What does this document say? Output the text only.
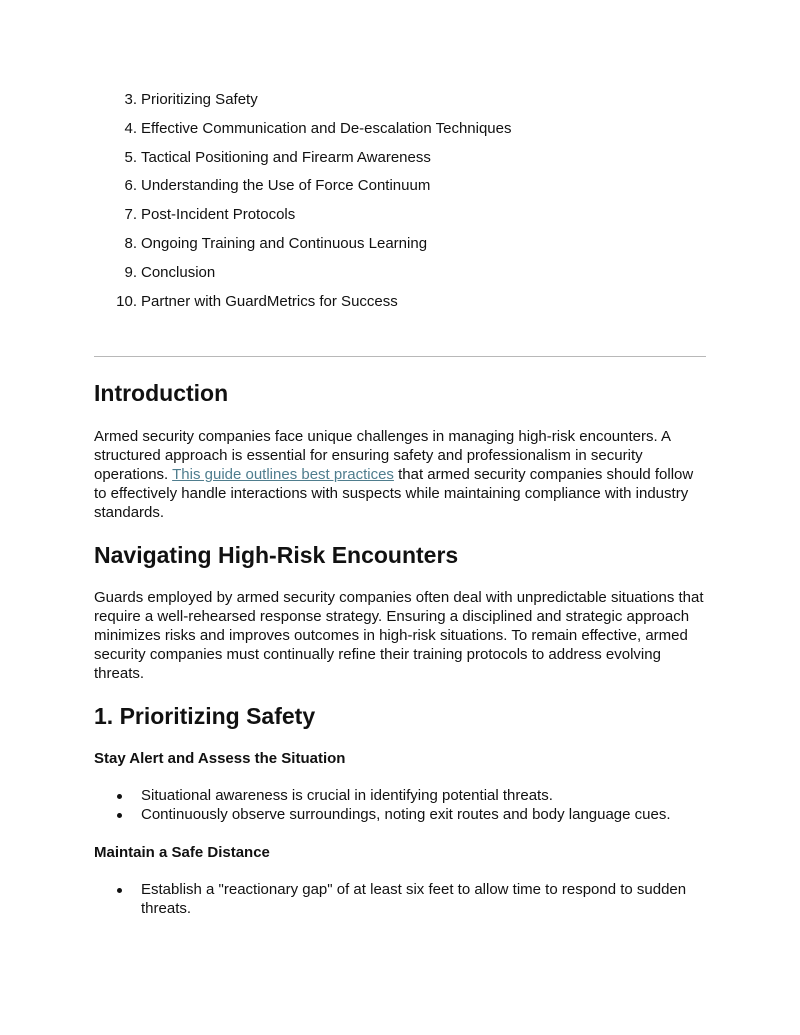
3. Prioritizing Safety
4. Effective Communication and De-escalation Techniques
5. Tactical Positioning and Firearm Awareness
6. Understanding the Use of Force Continuum
7. Post-Incident Protocols
8. Ongoing Training and Continuous Learning
9. Conclusion
10. Partner with GuardMetrics for Success
Introduction

Armed security companies face unique challenges in managing high-risk encounters. A structured approach is essential for ensuring safety and professionalism in security operations. This guide outlines best practices that armed security companies should follow to effectively handle interactions with suspects while maintaining compliance with industry standards.

Navigating High-Risk Encounters

Guards employed by armed security companies often deal with unpredictable situations that require a well-rehearsed response strategy. Ensuring a disciplined and strategic approach minimizes risks and improves outcomes in high-risk situations. To remain effective, armed security companies must continually refine their training protocols to address evolving threats.

1. Prioritizing Safety
Stay Alert and Assess the Situation
Situational awareness is crucial in identifying potential threats.
Continuously observe surroundings, noting exit routes and body language cues.
Maintain a Safe Distance
Establish a "reactionary gap" of at least six feet to allow time to respond to sudden threats.
